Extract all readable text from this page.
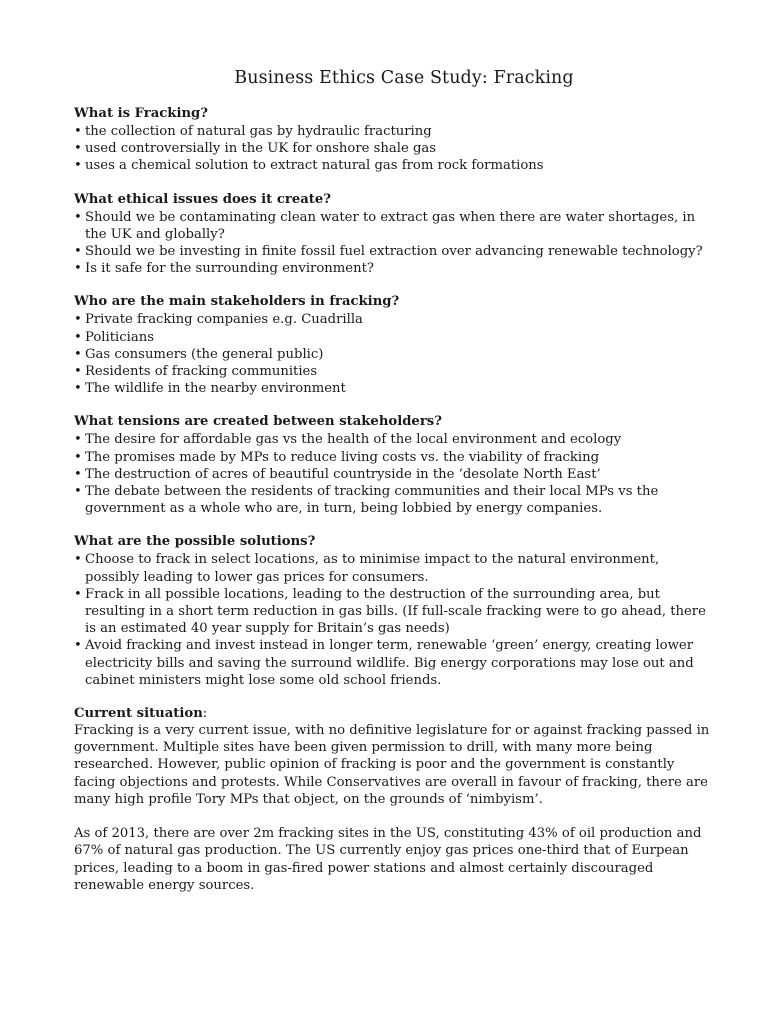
Business Ethics Case Study: Fracking
What is Fracking?
• the collection of natural gas by hydraulic fracturing
• used controversially in the UK for onshore shale gas
• uses a chemical solution to extract natural gas from rock formations
What ethical issues does it create?
• Should we be contaminating clean water to extract gas when there are water shortages, in the UK and globally?
• Should we be investing in finite fossil fuel extraction over advancing renewable technology?
• Is it safe for the surrounding environment?
Who are the main stakeholders in fracking?
• Private fracking companies e.g. Cuadrilla
• Politicians
• Gas consumers (the general public)
• Residents of fracking communities
• The wildlife in the nearby environment
What tensions are created between stakeholders?
• The desire for affordable gas vs the health of the local environment and ecology
• The promises made by MPs to reduce living costs vs. the viability of fracking
• The destruction of acres of beautiful countryside in the ‘desolate North East’
• The debate between the residents of tracking communities and their local MPs vs the government as a whole who are, in turn, being lobbied by energy companies.
What are the possible solutions?
• Choose to frack in select locations, as to minimise impact to the natural environment, possibly leading to lower gas prices for consumers.
• Frack in all possible locations, leading to the destruction of the surrounding area, but resulting in a short term reduction in gas bills. (If full-scale fracking were to go ahead, there is an estimated 40 year supply for Britain’s gas needs)
• Avoid fracking and invest instead in longer term, renewable ‘green’ energy, creating lower electricity bills and saving the surround wildlife. Big energy corporations may lose out and cabinet ministers might lose some old school friends.
Current situation:

Fracking is a very current issue, with no definitive legislature for or against fracking passed in government. Multiple sites have been given permission to drill, with many more being researched. However, public opinion of fracking is poor and the government is constantly facing objections and protests. While Conservatives are overall in favour of fracking, there are many high profile Tory MPs that object, on the grounds of ‘nimbyism’.

As of 2013, there are over 2m fracking sites in the US, constituting 43% of oil production and 67% of natural gas production. The US currently enjoy gas prices one-third that of Eurpean prices, leading to a boom in gas-fired power stations and almost certainly discouraged renewable energy sources.
